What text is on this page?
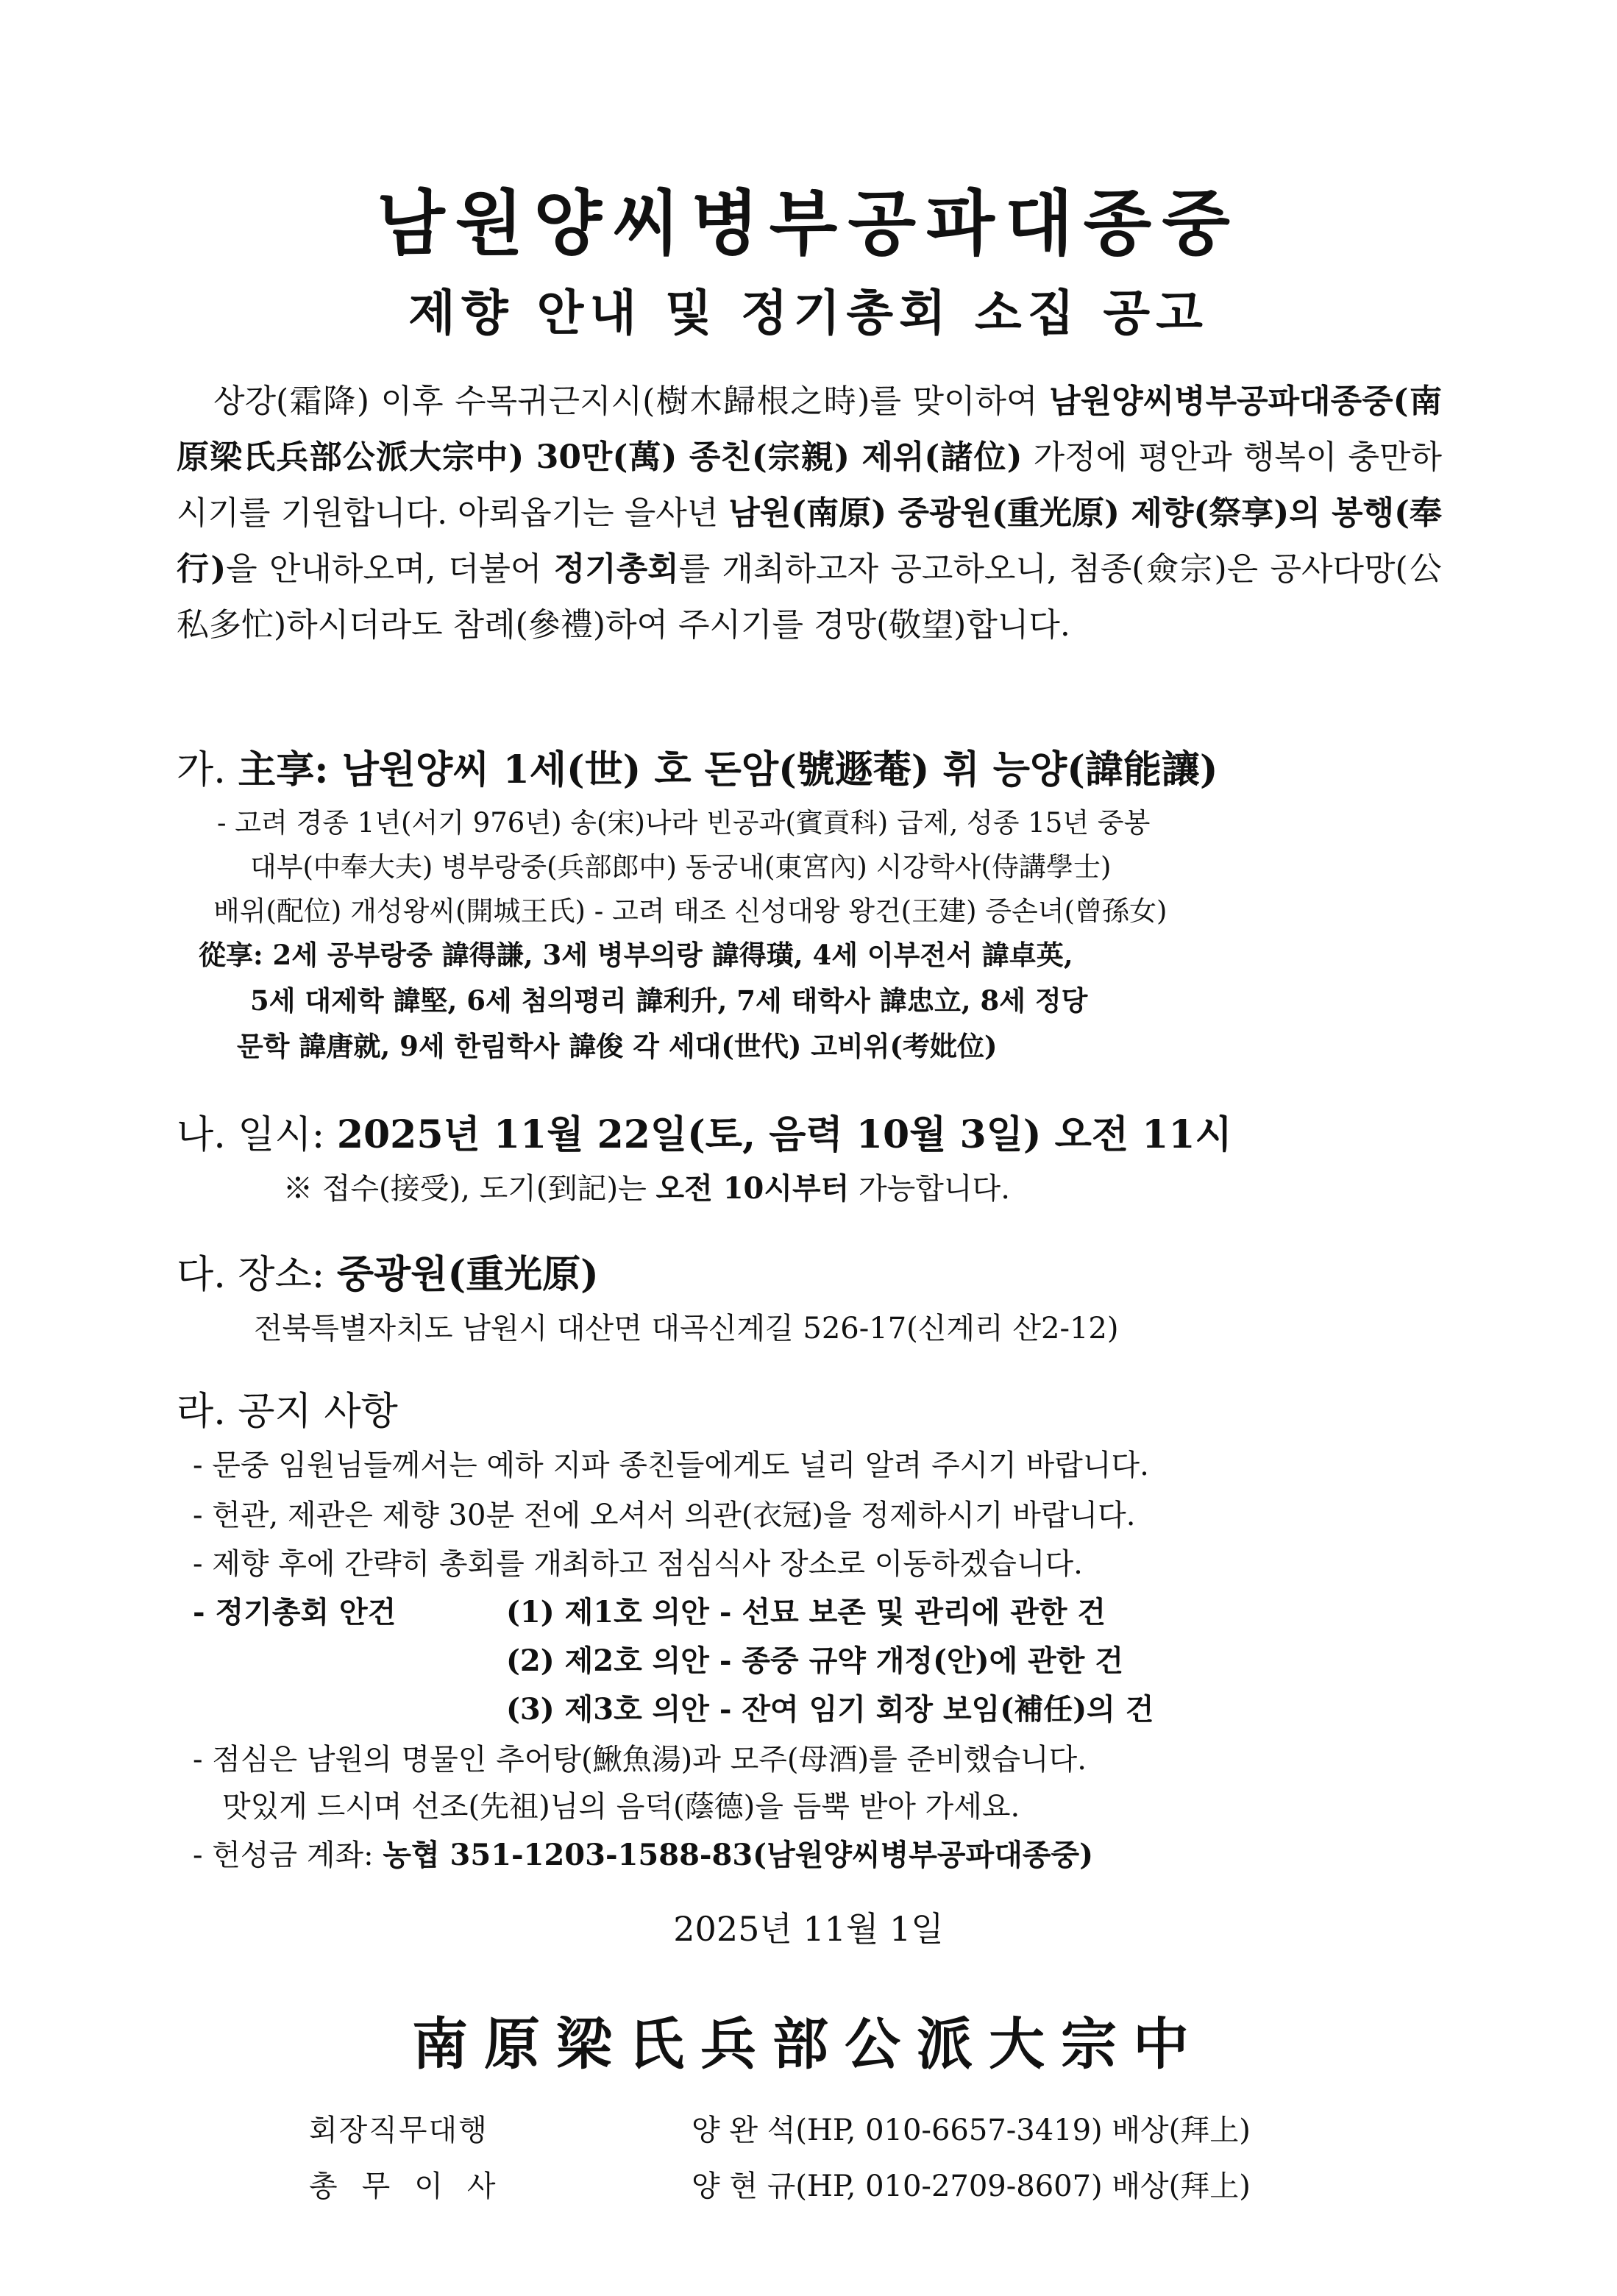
남원양씨병부공파대종중
제향 안내 및 정기총회 소집 공고
상강(霜降) 이후 수목귀근지시(樹木歸根之時)를 맞이하여 남원양씨병부공파대종중(南原梁氏兵部公派大宗中) 30만(萬) 종친(宗親) 제위(諸位) 가정에 평안과 행복이 충만하시기를 기원합니다. 아뢰옵기는 을사년 남원(南原) 중광원(重光原) 제향(祭享)의 봉행(奉行)을 안내하오며, 더불어 정기총회를 개최하고자 공고하오니, 첨종(僉宗)은 공사다망(公私多忙)하시더라도 참례(參禮)하여 주시기를 경망(敬望)합니다.
가. 主享: 남원양씨 1세(世) 호 돈암(號遯菴) 휘 능양(諱能讓)
- 고려 경종 1년(서기 976년) 송(宋)나라 빈공과(賓貢科) 급제, 성종 15년 중봉
대부(中奉大夫) 병부랑중(兵部郎中) 동궁내(東宮內) 시강학사(侍講學士)
배위(配位) 개성왕씨(開城王氏) - 고려 태조 신성대왕 왕건(王建) 증손녀(曾孫女)
從享: 2세 공부랑중 諱得謙, 3세 병부의랑 諱得璜, 4세 이부전서 諱卓英,
5세 대제학 諱堅, 6세 첨의평리 諱利升, 7세 태학사 諱忠立, 8세 정당
문학 諱唐就, 9세 한림학사 諱俊 각 세대(世代) 고비위(考妣位)
나. 일시: 2025년 11월 22일(토, 음력 10월 3일) 오전 11시
※ 접수(接受), 도기(到記)는 오전 10시부터 가능합니다.
다. 장소: 중광원(重光原)
전북특별자치도 남원시 대산면 대곡신계길 526-17(신계리 산2-12)
라. 공지 사항
- 문중 임원님들께서는 예하 지파 종친들에게도 널리 알려 주시기 바랍니다.
- 헌관, 제관은 제향 30분 전에 오셔서 의관(衣冠)을 정제하시기 바랍니다.
- 제향 후에 간략히 총회를 개최하고 점심식사 장소로 이동하겠습니다.
- 정기총회 안건	(1) 제1호 의안 - 선묘 보존 및 관리에 관한 건
(2) 제2호 의안 - 종중 규약 개정(안)에 관한 건
(3) 제3호 의안 - 잔여 임기 회장 보임(補任)의 건
- 점심은 남원의 명물인 추어탕(鰍魚湯)과 모주(母酒)를 준비했습니다.
맛있게 드시며 선조(先祖)님의 음덕(蔭德)을 듬뿍 받아 가세요.
- 헌성금 계좌: 농협 351-1203-1588-83(남원양씨병부공파대종중)
2025년 11월 1일
南原梁氏兵部公派大宗中
회장직무대행	양 완 석(HP, 010-6657-3419) 배상(拜上)
총무이사	양 현 규(HP, 010-2709-8607) 배상(拜上)
